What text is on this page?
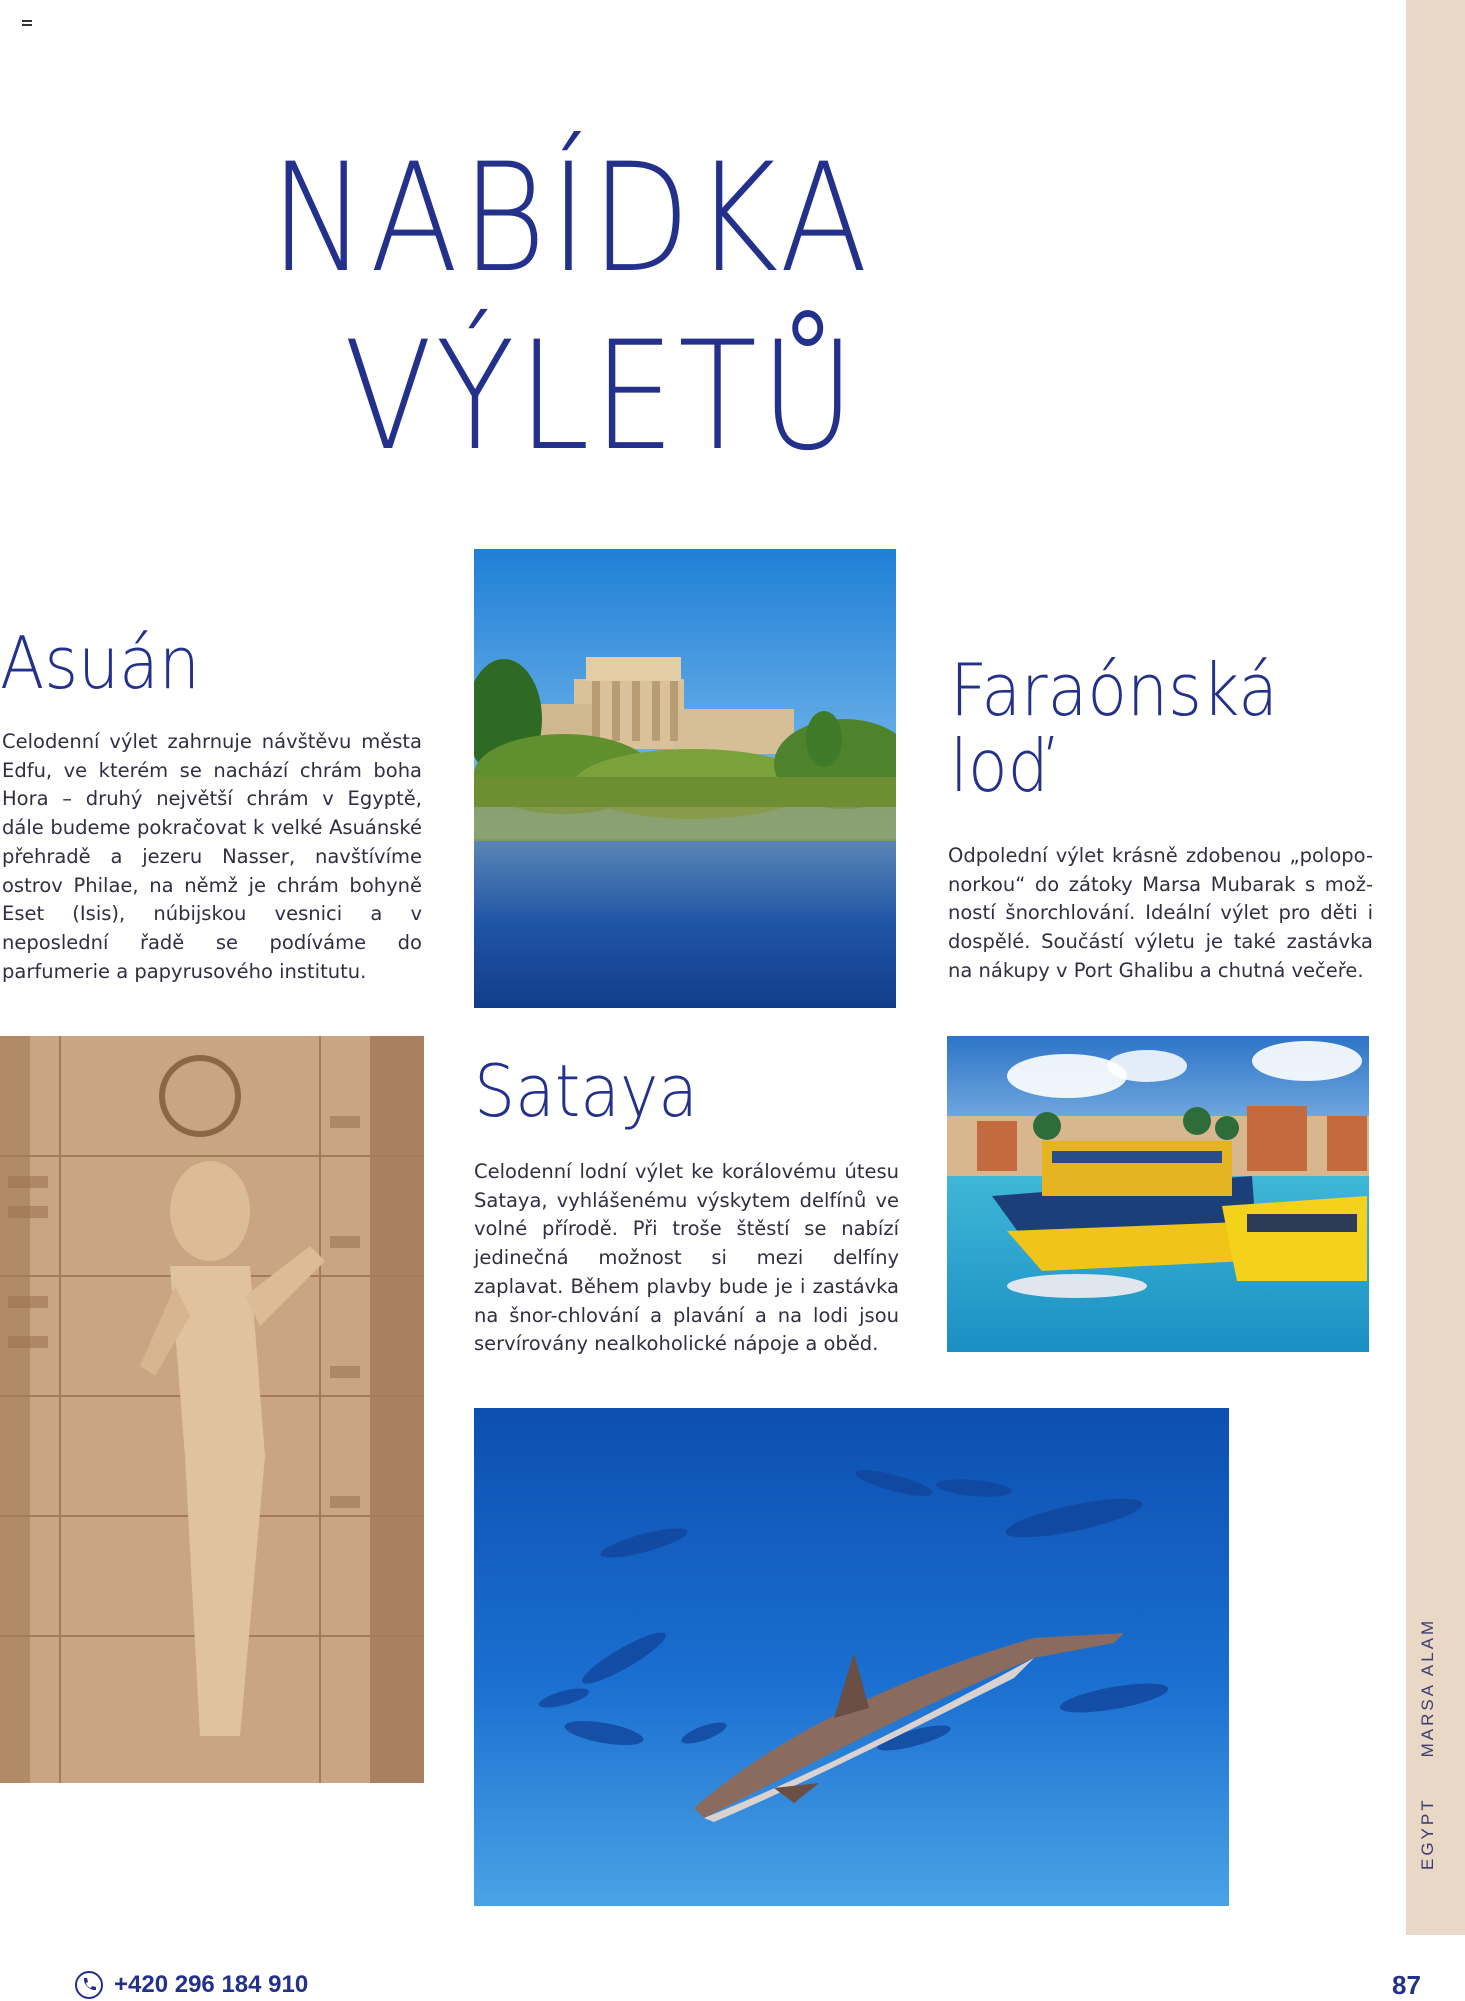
NABÍDKA
VÝLETŮ
Asuán

Celodenní výlet zahrnuje návštěvu města Edfu, ve kterém se nachází chrám boha Hora – druhý největší chrám v Egyptě, dále budeme pokračovat k velké Asuánské přehradě a jezeru Nasser, navštívíme ostrov Philae, na němž je chrám bohyně Eset (Isis), núbijskou vesnici a v neposlední řadě se podíváme do parfumerie a papyrusového institutu.

Faraónská
loď

Odpolední výlet krásně zdobenou „polopo-norkou“ do zátoky Marsa Mubarak s mož-ností šnorchlování. Ideální výlet pro děti i dospělé. Součástí výletu je také zastávka na nákupy v Port Ghalibu a chutná večeře.

Sataya

Celodenní lodní výlet ke korálovému útesu Sataya, vyhlášenému výskytem delfínů ve volné přírodě. Při troše štěstí se nabízí jedinečná možnost si mezi delfíny zaplavat. Během plavby bude je i zastávka na šnor-chlování a plavání a na lodi jsou servírovány nealkoholické nápoje a oběd.

EGYPTMARSA ALAM
+420 296 184 910	87
